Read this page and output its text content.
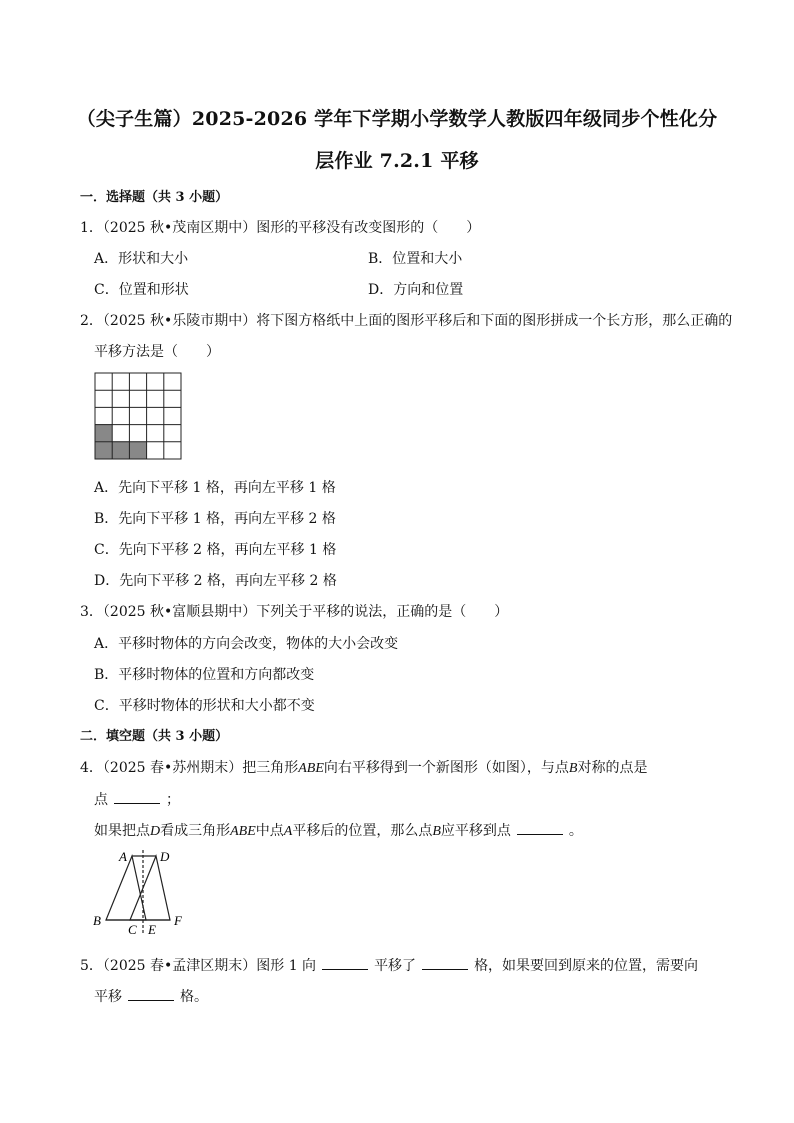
（尖子生篇）2025-2026 学年下学期小学数学人教版四年级同步个性化分
层作业 7.2.1 平移
一．选择题（共 3 小题）
1．（2025 秋•茂南区期中）图形的平移没有改变图形的（　　）
A．形状和大小	B．位置和大小
C．位置和形状	D．方向和位置
2．（2025 秋•乐陵市期中）将下图方格纸中上面的图形平移后和下面的图形拼成一个长方形，那么正确的
平移方法是（　　）
A．先向下平移 1 格，再向左平移 1 格
B．先向下平移 1 格，再向左平移 2 格
C．先向下平移 2 格，再向左平移 1 格
D．先向下平移 2 格，再向左平移 2 格
3．（2025 秋•富顺县期中）下列关于平移的说法，正确的是（　　）
A．平移时物体的方向会改变，物体的大小会改变
B．平移时物体的位置和方向都改变
C．平移时物体的形状和大小都不变
二．填空题（共 3 小题）
4．（2025 春•苏州期末）把三角形ABE向右平移得到一个新图形（如图），与点B对称的点是
点	；
如果把点D看成三角形ABE中点A平移后的位置，那么点B应平移到点	。
A	D
B	F
C E
5．（2025 春•孟津区期末）图形 1 向	平移了	格，如果要回到原来的位置，需要向
平移	格。
